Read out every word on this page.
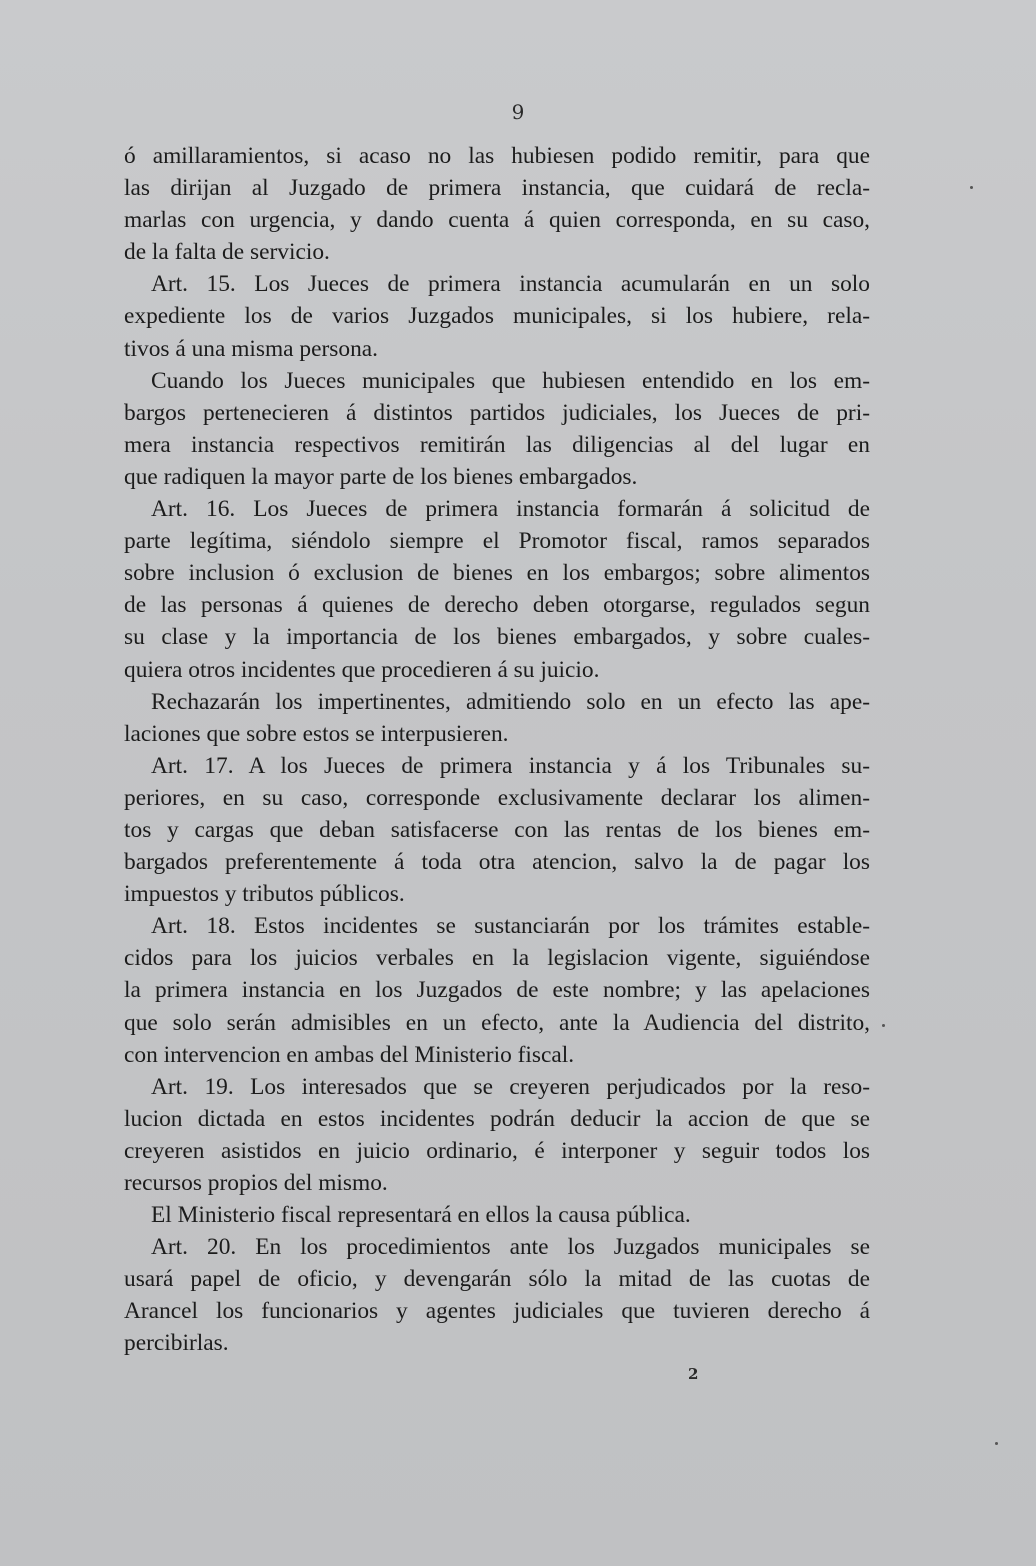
9
ó amillaramientos, si acaso no las hubiesen podido remitir, para que
las dirijan al Juzgado de primera instancia, que cuidará de recla-
marlas con urgencia, y dando cuenta á quien corresponda, en su caso,
de la falta de servicio.
Art. 15. Los Jueces de primera instancia acumularán en un solo
expediente los de varios Juzgados municipales, si los hubiere, rela-
tivos á una misma persona.
Cuando los Jueces municipales que hubiesen entendido en los em-
bargos pertenecieren á distintos partidos judiciales, los Jueces de pri-
mera instancia respectivos remitirán las diligencias al del lugar en
que radiquen la mayor parte de los bienes embargados.
Art. 16. Los Jueces de primera instancia formarán á solicitud de
parte legítima, siéndolo siempre el Promotor fiscal, ramos separados
sobre inclusion ó exclusion de bienes en los embargos; sobre alimentos
de las personas á quienes de derecho deben otorgarse, regulados segun
su clase y la importancia de los bienes embargados, y sobre cuales-
quiera otros incidentes que procedieren á su juicio.
Rechazarán los impertinentes, admitiendo solo en un efecto las ape-
laciones que sobre estos se interpusieren.
Art. 17. A los Jueces de primera instancia y á los Tribunales su-
periores, en su caso, corresponde exclusivamente declarar los alimen-
tos y cargas que deban satisfacerse con las rentas de los bienes em-
bargados preferentemente á toda otra atencion, salvo la de pagar los
impuestos y tributos públicos.
Art. 18. Estos incidentes se sustanciarán por los trámites estable-
cidos para los juicios verbales en la legislacion vigente, siguiéndose
la primera instancia en los Juzgados de este nombre; y las apelaciones
que solo serán admisibles en un efecto, ante la Audiencia del distrito,
con intervencion en ambas del Ministerio fiscal.
Art. 19. Los interesados que se creyeren perjudicados por la reso-
lucion dictada en estos incidentes podrán deducir la accion de que se
creyeren asistidos en juicio ordinario, é interponer y seguir todos los
recursos propios del mismo.
El Ministerio fiscal representará en ellos la causa pública.
Art. 20. En los procedimientos ante los Juzgados municipales se
usará papel de oficio, y devengarán sólo la mitad de las cuotas de
Arancel los funcionarios y agentes judiciales que tuvieren derecho á
percibirlas.
2
